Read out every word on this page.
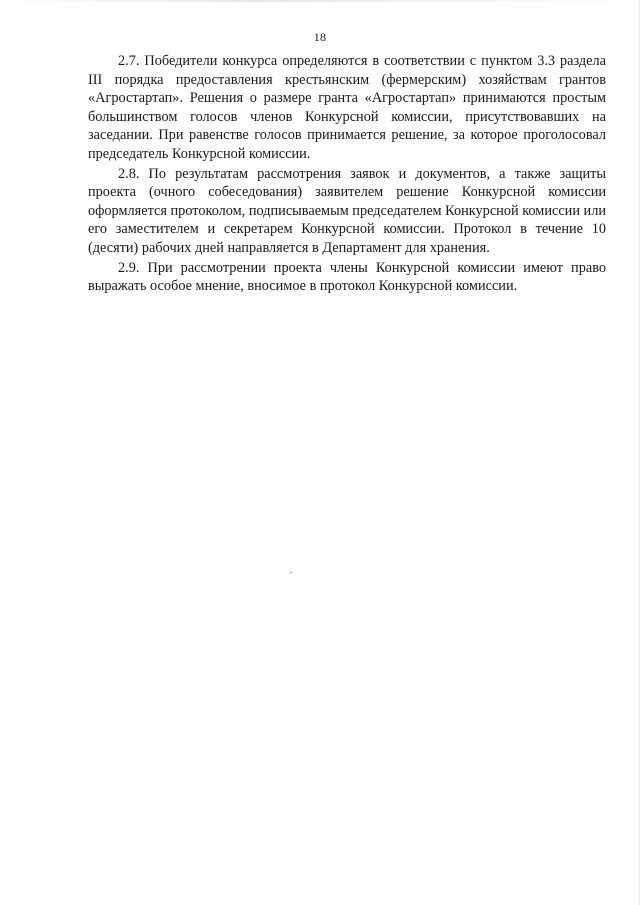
18

2.7. Победители конкурса определяются в соответствии с пунктом 3.3 раздела III порядка предоставления крестьянским (фермерским) хозяйствам грантов «Агростартап». Решения о размере гранта «Агростартап» принимаются простым большинством голосов членов Конкурсной комиссии, присутствовавших на заседании. При равенстве голосов принимается решение, за которое проголосовал председатель Конкурсной комиссии.

2.8. По результатам рассмотрения заявок и документов, а также защиты проекта (очного собеседования) заявителем решение Конкурсной комиссии оформляется протоколом, подписываемым председателем Конкурсной комиссии или его заместителем и секретарем Конкурсной комиссии. Протокол в течение 10 (десяти) рабочих дней направляется в Департамент для хранения.

2.9. При рассмотрении проекта члены Конкурсной комиссии имеют право выражать особое мнение, вносимое в протокол Конкурсной комиссии.
